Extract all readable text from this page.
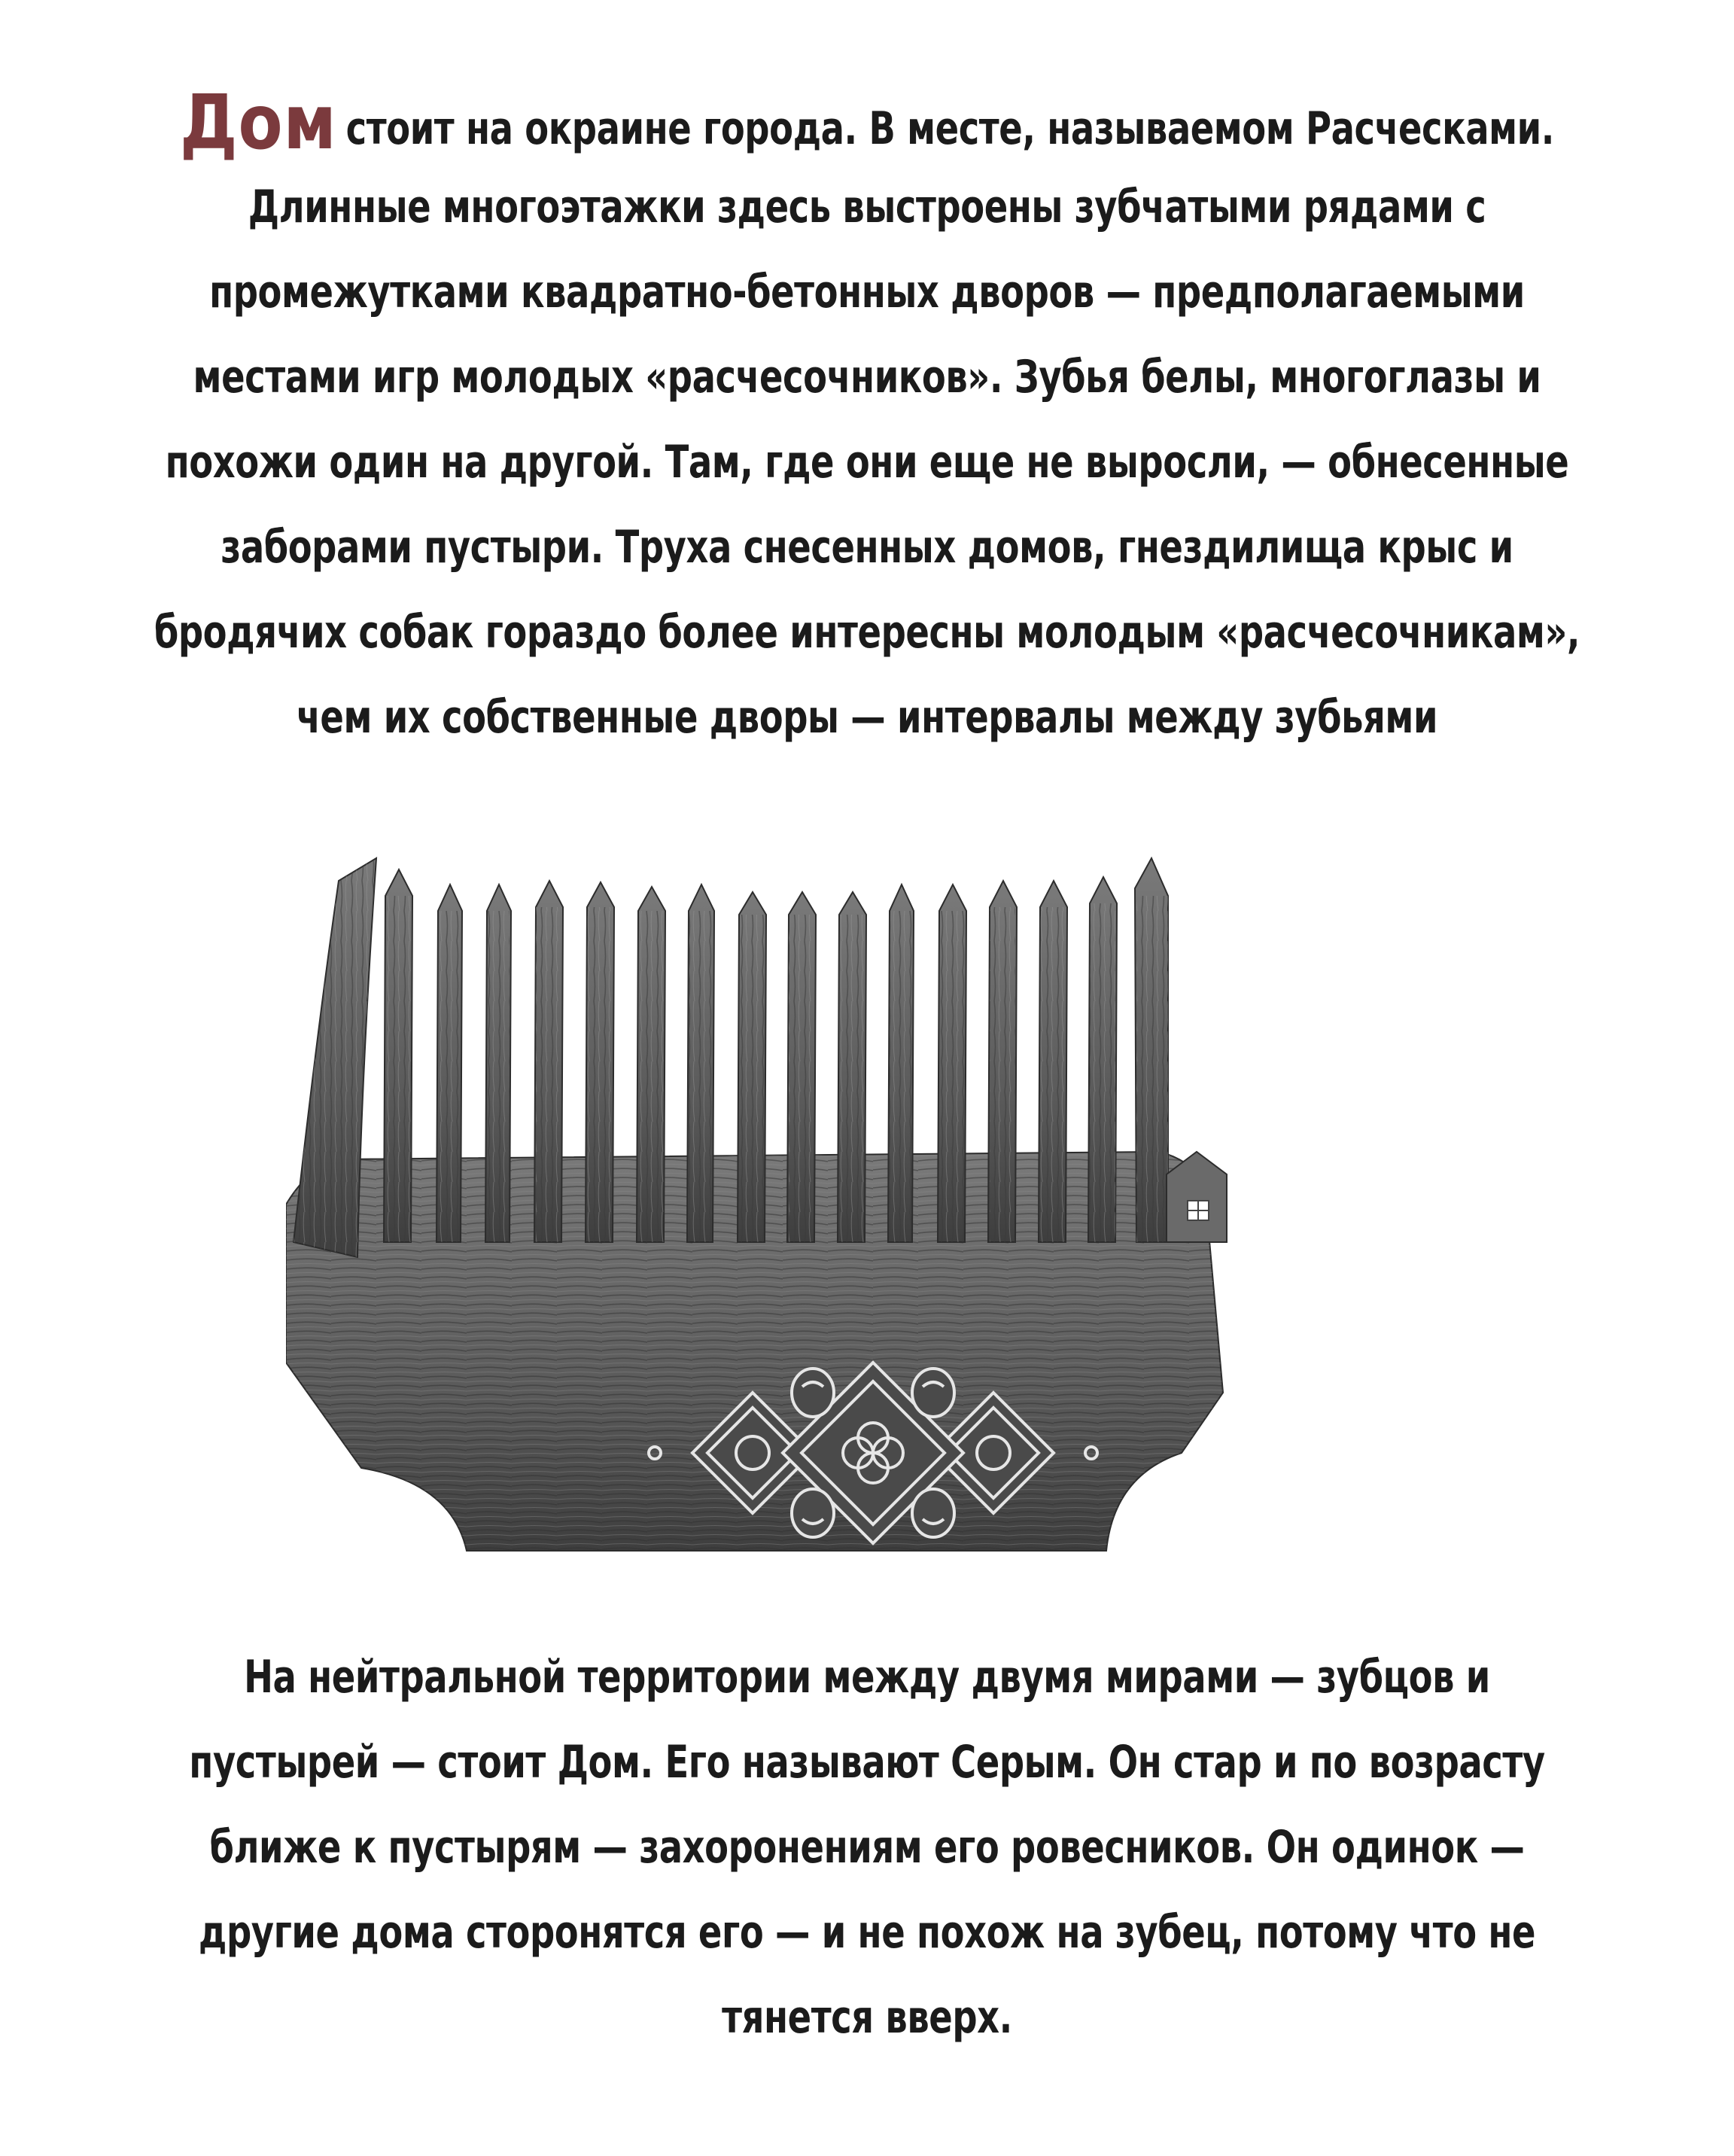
Дом стоит на окраине города. В месте, называемом Расческами.
Длинные многоэтажки здесь выстроены зубчатыми рядами с
промежутками квадратно-бетонных дворов — предполагаемыми
местами игр молодых «расчесочников». Зубья белы, многоглазы и
похожи один на другой. Там, где они еще не выросли, — обнесенные
заборами пустыри. Труха снесенных домов, гнездилища крыс и
бродячих собак гораздо более интересны молодым «расчесочникам»,
чем их собственные дворы — интервалы между зубьями
На нейтральной территории между двумя мирами — зубцов и
пустырей — стоит Дом. Его называют Серым. Он стар и по возрасту
ближе к пустырям — захоронениям его ровесников. Он одинок —
другие дома сторонятся его — и не похож на зубец, потому что не
тянется вверх.
